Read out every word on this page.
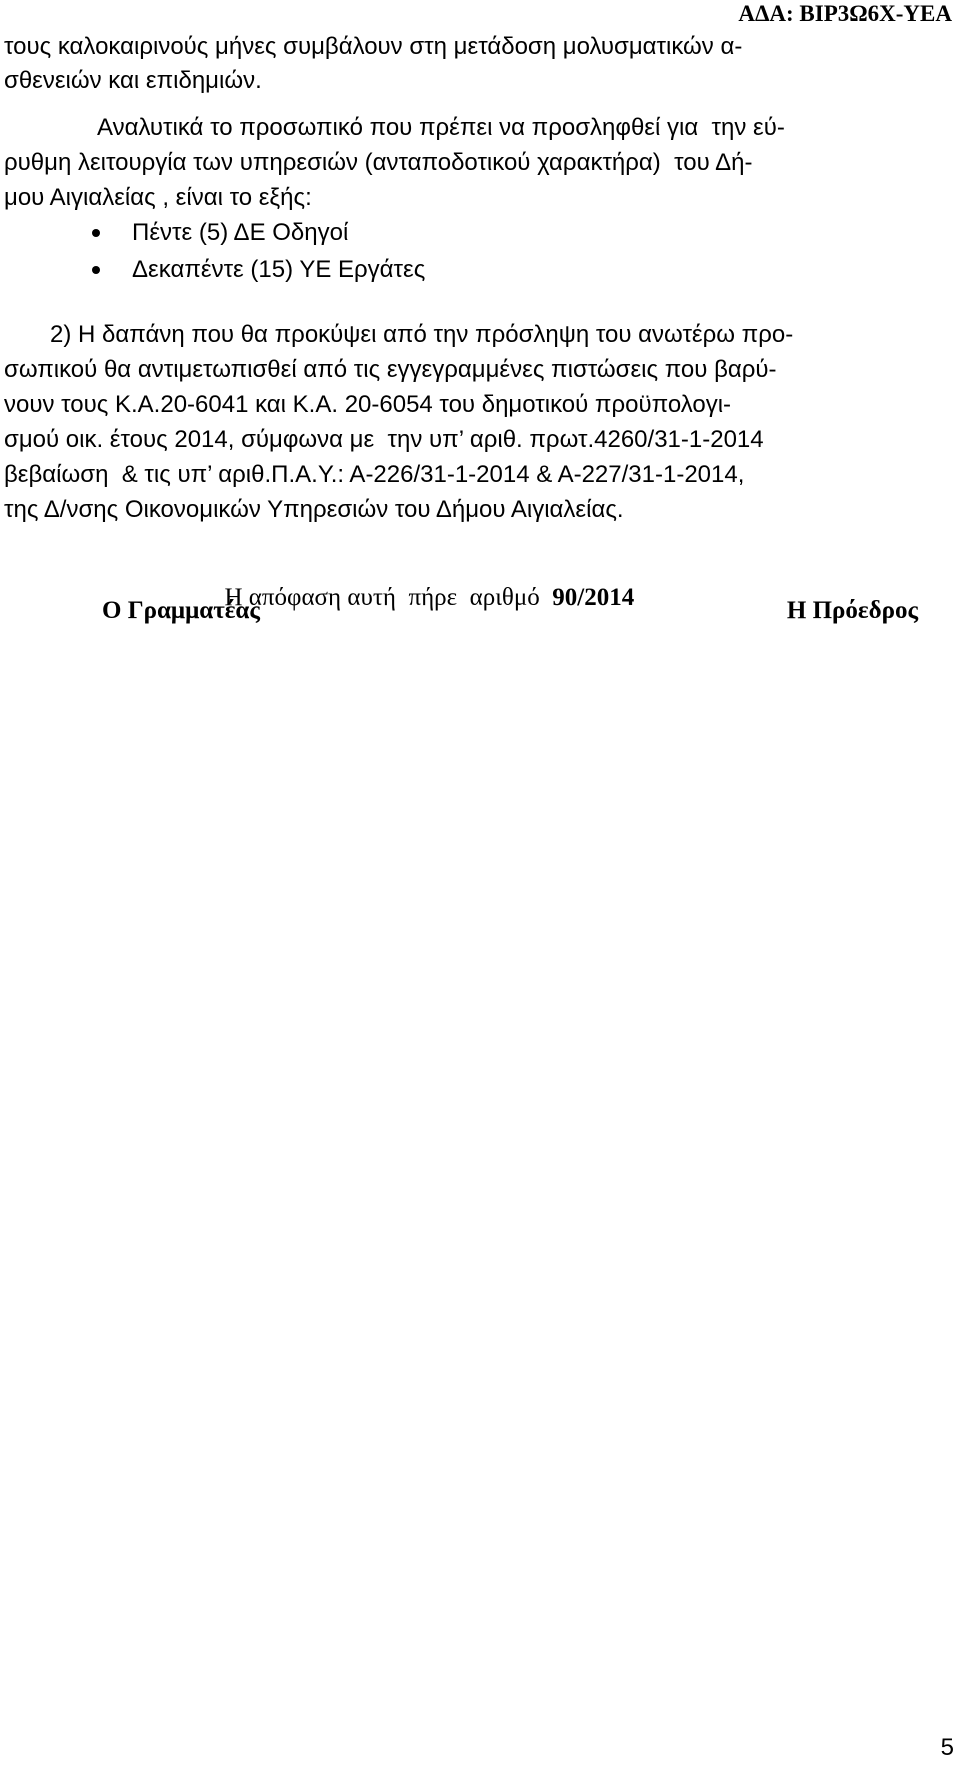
ΑΔΑ: ΒΙΡ3Ω6Χ-ΥΕΑ
τους καλοκαιρινούς μήνες συμβάλουν στη μετάδοση μολυσματικών α-
σθενειών και επιδημιών.
Αναλυτικά το προσωπικό που πρέπει να προσληφθεί για  την εύ-
ρυθμη λειτουργία των υπηρεσιών (ανταποδοτικού χαρακτήρα)  του Δή-
μου Αιγιαλείας , είναι το εξής:
Πέντε (5) ΔΕ Οδηγοί
Δεκαπέντε (15) ΥΕ Εργάτες
2) Η δαπάνη που θα προκύψει από την πρόσληψη του ανωτέρω προ-
σωπικού θα αντιμετωπισθεί από τις εγγεγραμμένες πιστώσεις που βαρύ-
νουν τους Κ.Α.20-6041 και Κ.Α. 20-6054 του δημοτικού προϋπολογι-
σμού οικ. έτους 2014, σύμφωνα με  την υπ’ αριθ. πρωτ.4260/31-1-2014
βεβαίωση  & τις υπ’ αριθ.Π.Α.Υ.: Α-226/31-1-2014 & Α-227/31-1-2014,
της Δ/νσης Οικονομικών Υπηρεσιών του Δήμου Αιγιαλείας.

Η απόφαση αυτή  πήρε  αριθμό  90/2014

Ο Γραμματέας	Η Πρόεδρος
5
